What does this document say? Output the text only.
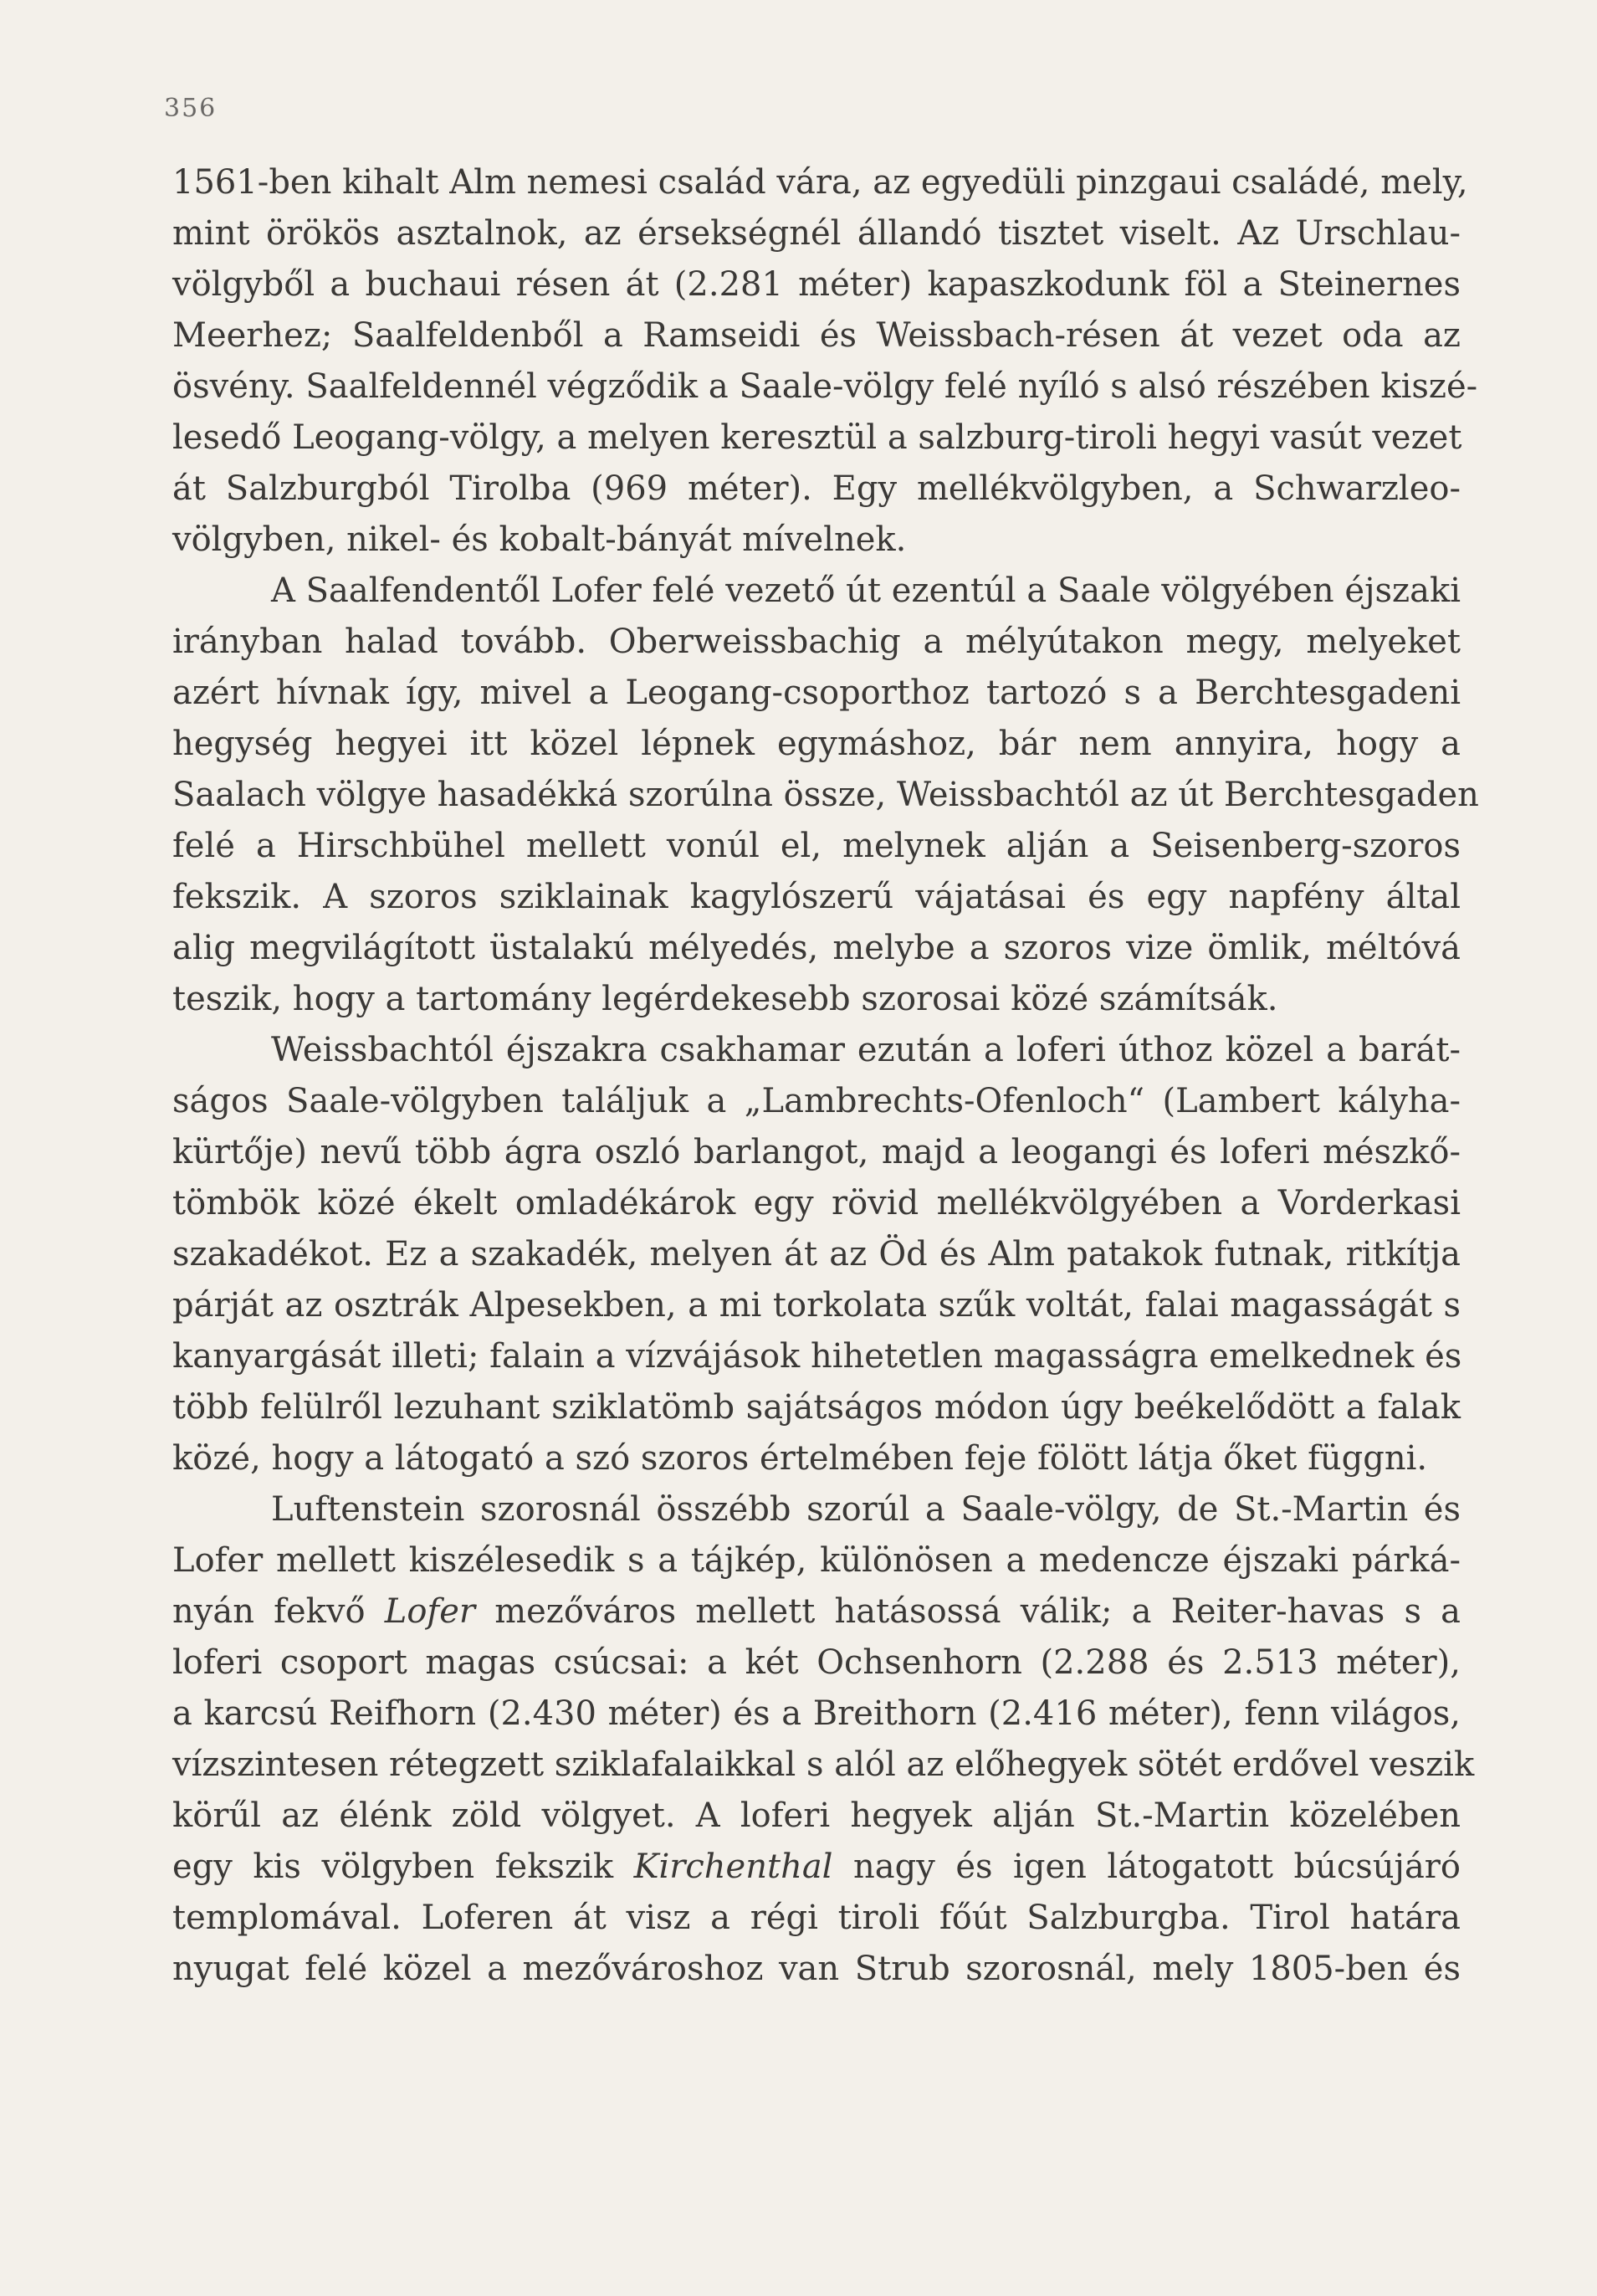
356
1561-ben kihalt Alm nemesi család vára, az egyedüli pinzgaui családé, mely,
mint örökös asztalnok, az érsekségnél állandó tisztet viselt. Az Urschlau-
völgyből a buchaui résen át (2.281 méter) kapaszkodunk föl a Steinernes
Meerhez; Saalfeldenből a Ramseidi és Weissbach-résen át vezet oda az
ösvény. Saalfeldennél végződik a Saale-völgy felé nyíló s alsó részében kiszé-
lesedő Leogang-völgy, a melyen keresztül a salzburg-tiroli hegyi vasút vezet
át Salzburgból Tirolba (969 méter). Egy mellékvölgyben, a Schwarzleo-
völgyben, nikel- és kobalt-bányát mívelnek.
A Saalfendentől Lofer felé vezető út ezentúl a Saale völgyében éjszaki
irányban halad tovább. Oberweissbachig a mélyútakon megy, melyeket
azért hívnak így, mivel a Leogang-csoporthoz tartozó s a Berchtesgadeni
hegység hegyei itt közel lépnek egymáshoz, bár nem annyira, hogy a
Saalach völgye hasadékká szorúlna össze, Weissbachtól az út Berchtesgaden
felé a Hirschbühel mellett vonúl el, melynek alján a Seisenberg-szoros
fekszik. A szoros sziklainak kagylószerű vájatásai és egy napfény által
alig megvilágított üstalakú mélyedés, melybe a szoros vize ömlik, méltóvá
teszik, hogy a tartomány legérdekesebb szorosai közé számítsák.
Weissbachtól éjszakra csakhamar ezután a loferi úthoz közel a barát-
ságos Saale-völgyben találjuk a „Lambrechts-Ofenloch“ (Lambert kályha-
kürtője) nevű több ágra oszló barlangot, majd a leogangi és loferi mészkő-
tömbök közé ékelt omladékárok egy rövid mellékvölgyében a Vorderkasi
szakadékot. Ez a szakadék, melyen át az Öd és Alm patakok futnak, ritkítja
párját az osztrák Alpesekben, a mi torkolata szűk voltát, falai magasságát s
kanyargását illeti; falain a vízvájások hihetetlen magasságra emelkednek és
több felülről lezuhant sziklatömb sajátságos módon úgy beékelődött a falak
közé, hogy a látogató a szó szoros értelmében feje fölött látja őket függni.
Luftenstein szorosnál összébb szorúl a Saale-völgy, de St.-Martin és
Lofer mellett kiszélesedik s a tájkép, különösen a medencze éjszaki párká-
nyán fekvő Lofer mezőváros mellett hatásossá válik; a Reiter-havas s a
loferi csoport magas csúcsai: a két Ochsenhorn (2.288 és 2.513 méter),
a karcsú Reifhorn (2.430 méter) és a Breithorn (2.416 méter), fenn világos,
vízszintesen rétegzett sziklafalaikkal s alól az előhegyek sötét erdővel veszik
körűl az élénk zöld völgyet. A loferi hegyek alján St.-Martin közelében
egy kis völgyben fekszik Kirchenthal nagy és igen látogatott búcsújáró
templomával. Loferen át visz a régi tiroli főút Salzburgba. Tirol határa
nyugat felé közel a mezővároshoz van Strub szorosnál, mely 1805-ben és
